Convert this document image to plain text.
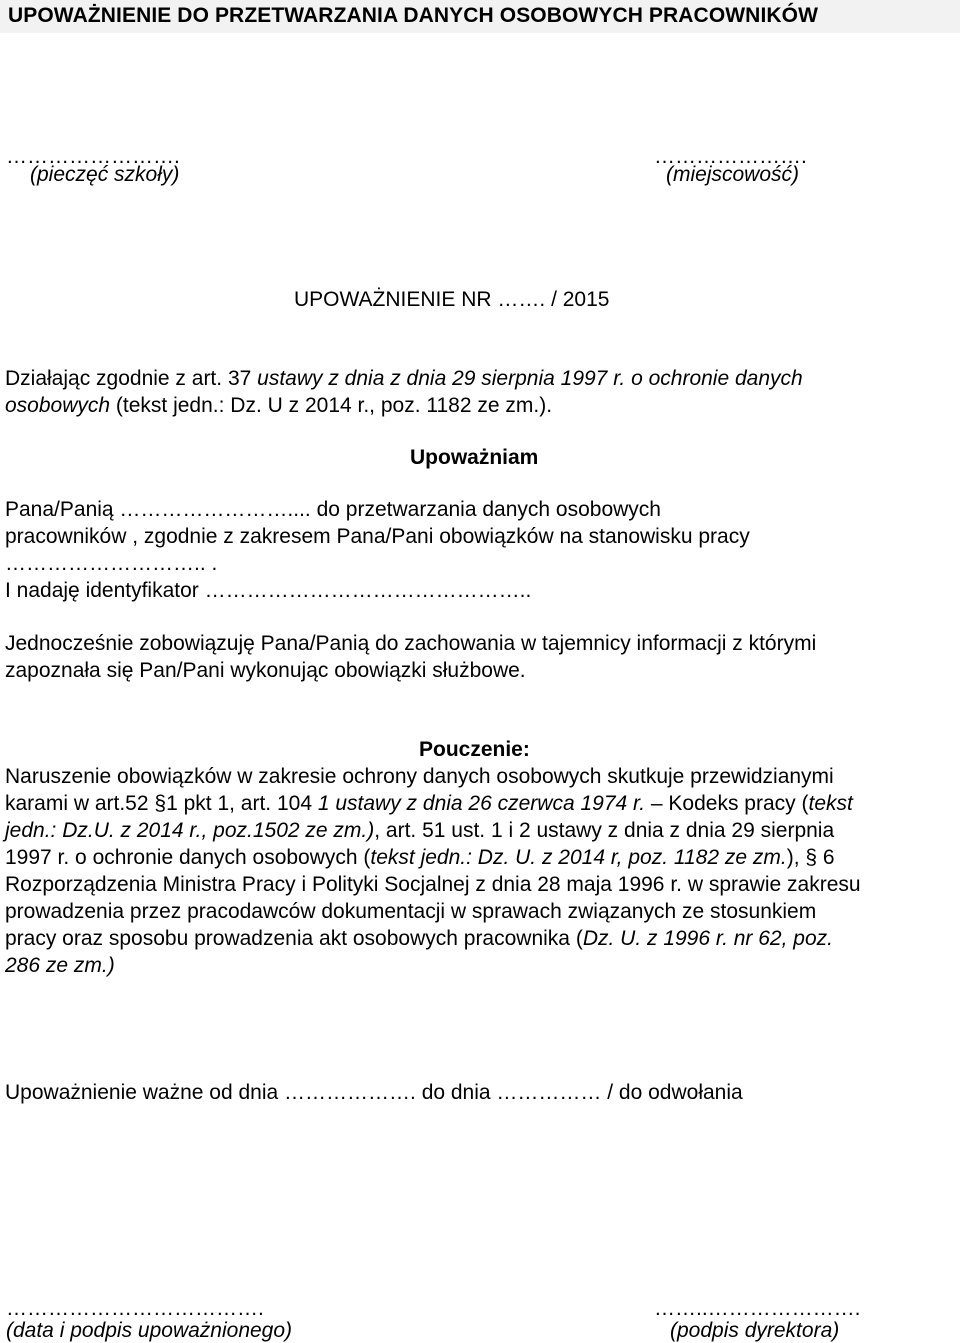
UPOWAŻNIENIE DO PRZETWARZANIA DANYCH OSOBOWYCH PRACOWNIKÓW
…………………….
(pieczęć szkoły)
………………….
(miejscowość)
UPOWAŻNIENIE NR ……. / 2015
Działając zgodnie z art. 37 ustawy z dnia z dnia 29 sierpnia 1997 r. o ochronie danych
osobowych (tekst jedn.: Dz. U z 2014 r., poz. 1182 ze zm.).
Upoważniam
Pana/Panią …………………….... do przetwarzania danych osobowych
pracowników , zgodnie z zakresem Pana/Pani obowiązków na stanowisku pracy
……………………….. .
I nadaję identyfikator ………………………………………..
Jednocześnie zobowiązuję Pana/Panią do zachowania w tajemnicy informacji z którymi
zapoznała się Pan/Pani wykonując obowiązki służbowe.
Pouczenie:
Naruszenie obowiązków w zakresie ochrony danych osobowych skutkuje przewidzianymi
karami w art.52 §1 pkt 1, art. 104 1 ustawy z dnia 26 czerwca 1974 r. – Kodeks pracy (tekst
jedn.: Dz.U. z 2014 r., poz.1502 ze zm.), art. 51 ust. 1 i 2 ustawy z dnia z dnia 29 sierpnia
1997 r. o ochronie danych osobowych (tekst jedn.: Dz. U. z 2014 r, poz. 1182 ze zm.), § 6
Rozporządzenia Ministra Pracy i Polityki Socjalnej z dnia 28 maja 1996 r. w sprawie zakresu
prowadzenia przez pracodawców dokumentacji w sprawach związanych ze stosunkiem
pracy oraz sposobu prowadzenia akt osobowych pracownika (Dz. U. z 1996 r. nr 62, poz.
286 ze zm.)
Upoważnienie ważne od dnia ………………. do dnia …………… / do odwołania
……………………………….
(data i podpis upoważnionego)
……..………………….
(podpis dyrektora)
